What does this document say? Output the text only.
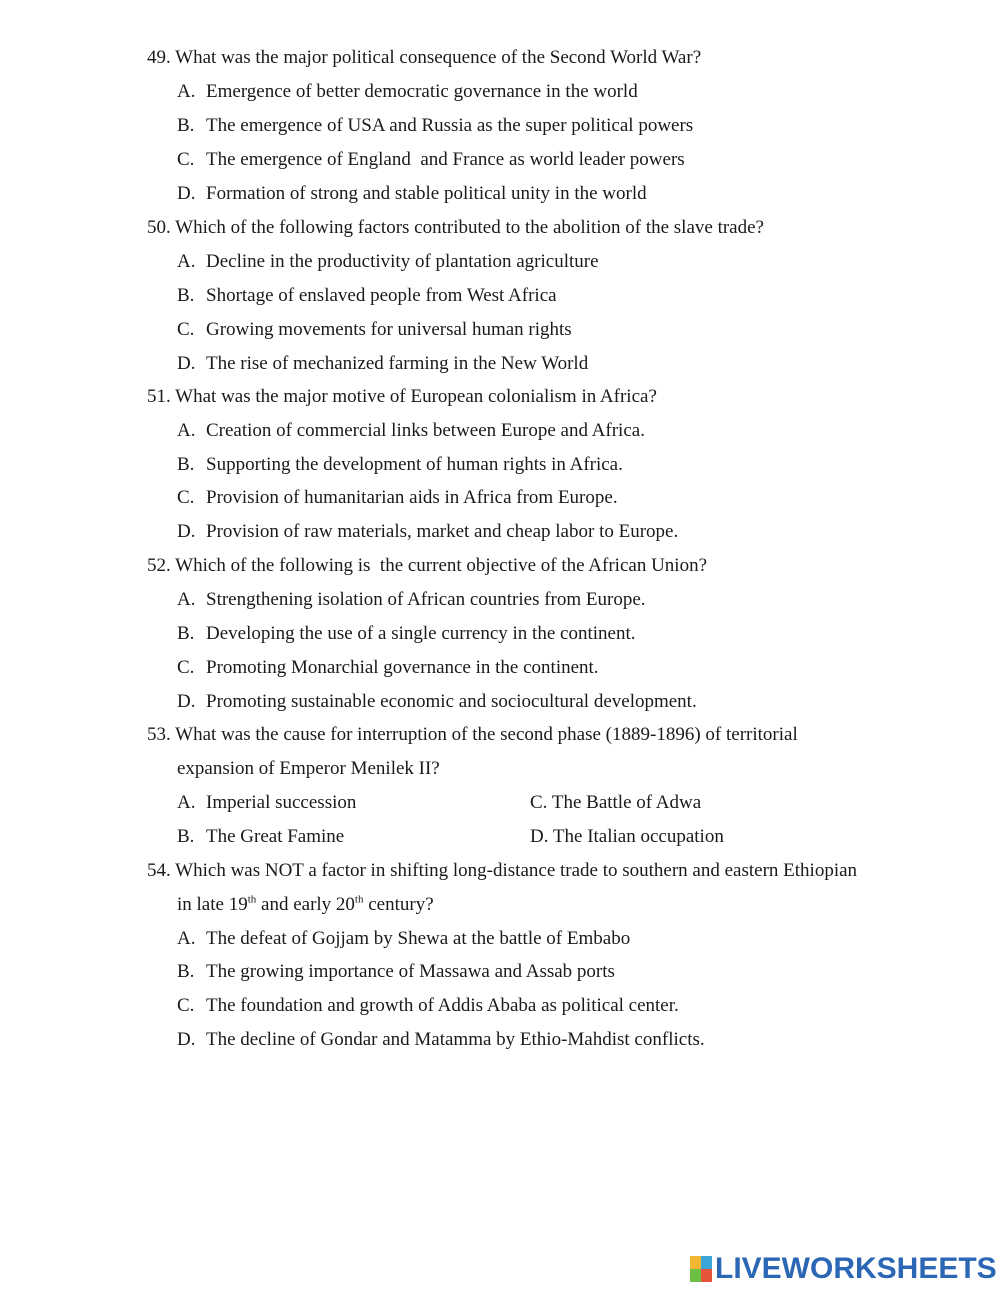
49. What was the major political consequence of the Second World War?
A. Emergence of better democratic governance in the world
B. The emergence of USA and Russia as the super political powers
C. The emergence of England  and France as world leader powers
D. Formation of strong and stable political unity in the world
50. Which of the following factors contributed to the abolition of the slave trade?
A. Decline in the productivity of plantation agriculture
B. Shortage of enslaved people from West Africa
C. Growing movements for universal human rights
D. The rise of mechanized farming in the New World
51. What was the major motive of European colonialism in Africa?
A. Creation of commercial links between Europe and Africa.
B. Supporting the development of human rights in Africa.
C. Provision of humanitarian aids in Africa from Europe.
D. Provision of raw materials, market and cheap labor to Europe.
52. Which of the following is  the current objective of the African Union?
A. Strengthening isolation of African countries from Europe.
B. Developing the use of a single currency in the continent.
C. Promoting Monarchial governance in the continent.
D. Promoting sustainable economic and sociocultural development.
53. What was the cause for interruption of the second phase (1889-1896) of territorial
expansion of Emperor Menilek II?
A. Imperial succession	C. The Battle of Adwa
B. The Great Famine	D. The Italian occupation
54. Which was NOT a factor in shifting long-distance trade to southern and eastern Ethiopian
in late 19th and early 20th century?
A. The defeat of Gojjam by Shewa at the battle of Embabo
B. The growing importance of Massawa and Assab ports
C. The foundation and growth of Addis Ababa as political center.
D. The decline of Gondar and Matamma by Ethio-Mahdist conflicts.
LIVEWORKSHEETS
